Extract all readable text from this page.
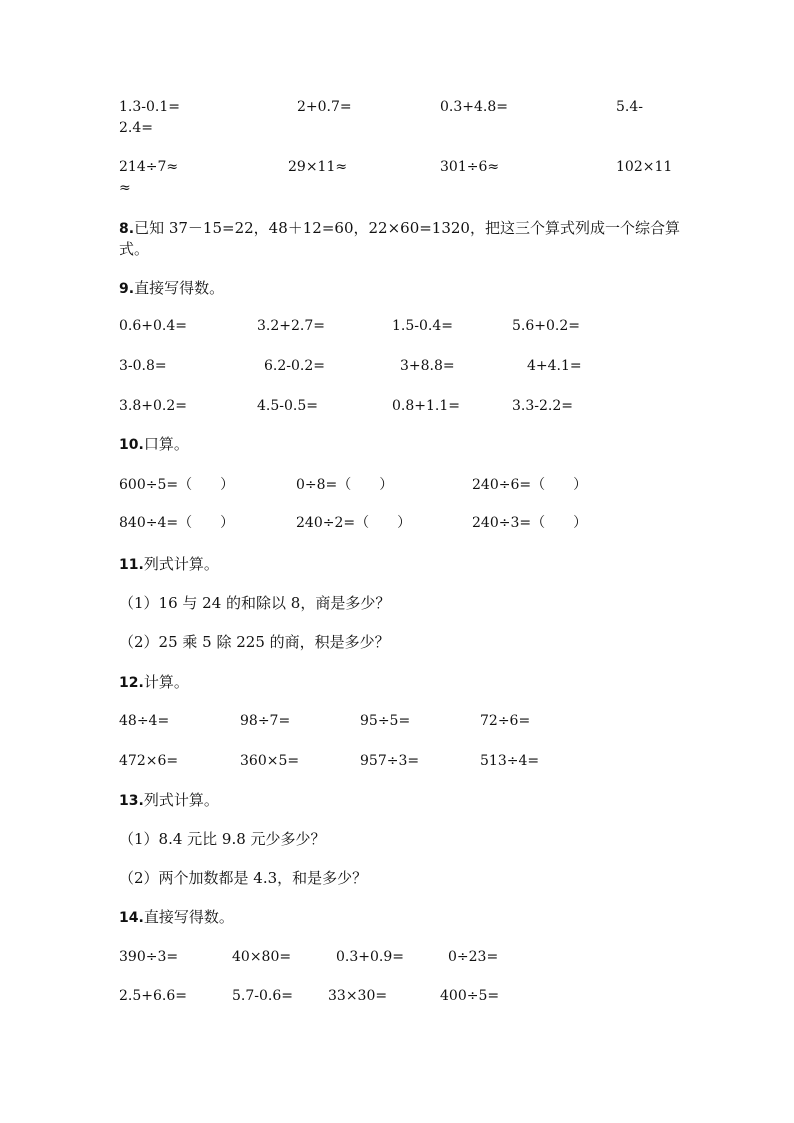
1.3-0.1=	2+0.7=	0.3+4.8=	5.4-
2.4=
214÷7≈	29×11≈	301÷6≈	102×11
≈
8.已知 37－15=22，48＋12=60，22×60=1320，把这三个算式列成一个综合算
式。
9.直接写得数。
0.6+0.4=	3.2+2.7=	1.5-0.4=	5.6+0.2=
3-0.8=	6.2-0.2=	3+8.8=	4+4.1=
3.8+0.2=	4.5-0.5=	0.8+1.1=	3.3-2.2=
10.口算。
600÷5=（　　）	0÷8=（　　）	240÷6=（　　）
840÷4=（　　）	240÷2=（　　）	240÷3=（　　）
11.列式计算。
（1）16 与 24 的和除以 8，商是多少？
（2）25 乘 5 除 225 的商，积是多少？
12.计算。
48÷4=	98÷7=	95÷5=	72÷6=
472×6=	360×5=	957÷3=	513÷4=
13.列式计算。
（1）8.4 元比 9.8 元少多少？
（2）两个加数都是 4.3，和是多少？
14.直接写得数。
390÷3=	40×80=	0.3+0.9=	0÷23=
2.5+6.6=	5.7-0.6=	33×30=	400÷5=
